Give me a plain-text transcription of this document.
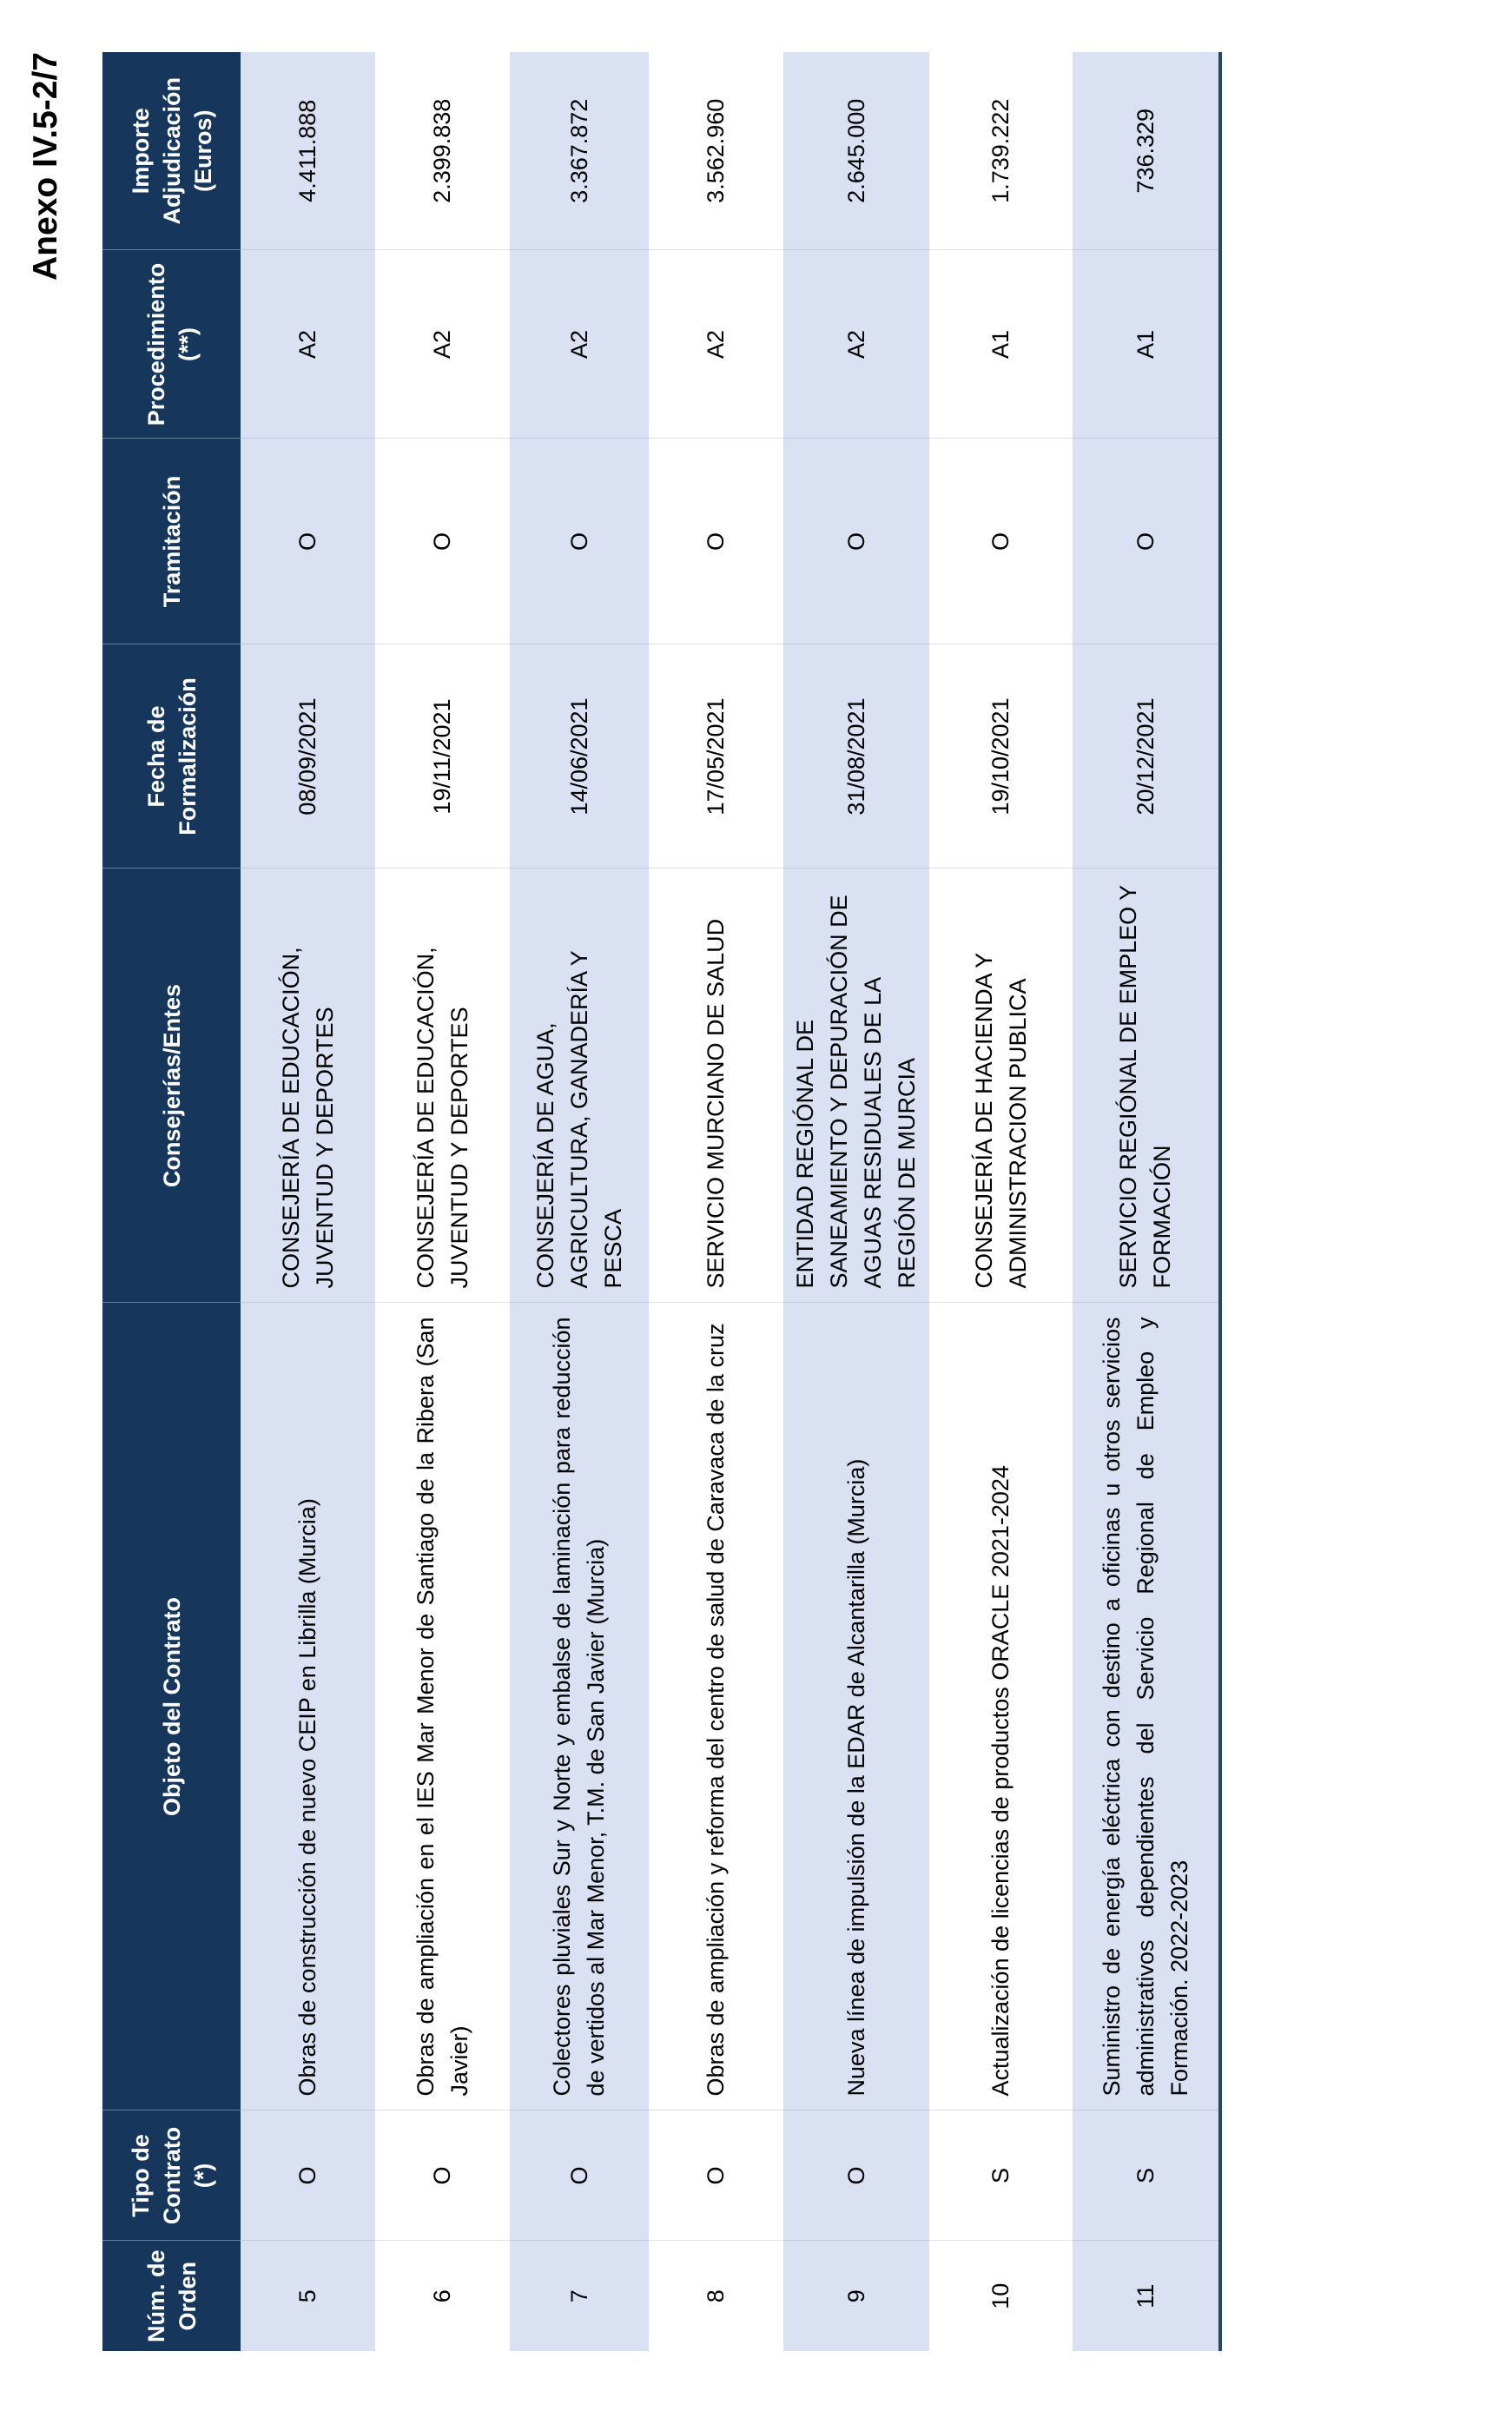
Anexo IV.5-2/7
Núm. de Orden	Tipo de Contrato (*)	Objeto del Contrato	Consejerías/Entes	Fecha de Formalización	Tramitación	Procedimiento (**)	Importe Adjudicación (Euros)
5	O	Obras de construcción de nuevo CEIP en Librilla (Murcia)	CONSEJERÍA DE EDUCACIÓN, JUVENTUD Y DEPORTES	08/09/2021	O	A2	4.411.888
6	O	Obras de ampliación en el IES Mar Menor de Santiago de la Ribera (San Javier)	CONSEJERÍA DE EDUCACIÓN, JUVENTUD Y DEPORTES	19/11/2021	O	A2	2.399.838
7	O	Colectores pluviales Sur y Norte y embalse de laminación para reducción de vertidos al Mar Menor, T.M. de San Javier (Murcia)	CONSEJERÍA DE AGUA, AGRICULTURA, GANADERÍA Y PESCA	14/06/2021	O	A2	3.367.872
8	O	Obras de ampliación y reforma del centro de salud de Caravaca de la cruz	SERVICIO MURCIANO DE SALUD	17/05/2021	O	A2	3.562.960
9	O	Nueva línea de impulsión de la EDAR de Alcantarilla (Murcia)	ENTIDAD REGIÓNAL DE SANEAMIENTO Y DEPURACIÓN DE AGUAS RESIDUALES DE LA REGIÓN DE MURCIA	31/08/2021	O	A2	2.645.000
10	S	Actualización de licencias de productos ORACLE 2021-2024	CONSEJERÍA DE HACIENDA Y ADMINISTRACION PUBLICA	19/10/2021	O	A1	1.739.222
11	S	Suministro de energía eléctrica con destino a oficinas u otros servicios administrativos dependientes del Servicio Regional de Empleo y Formación. 2022-2023	SERVICIO REGIÓNAL DE EMPLEO Y FORMACIÓN	20/12/2021	O	A1	736.329
